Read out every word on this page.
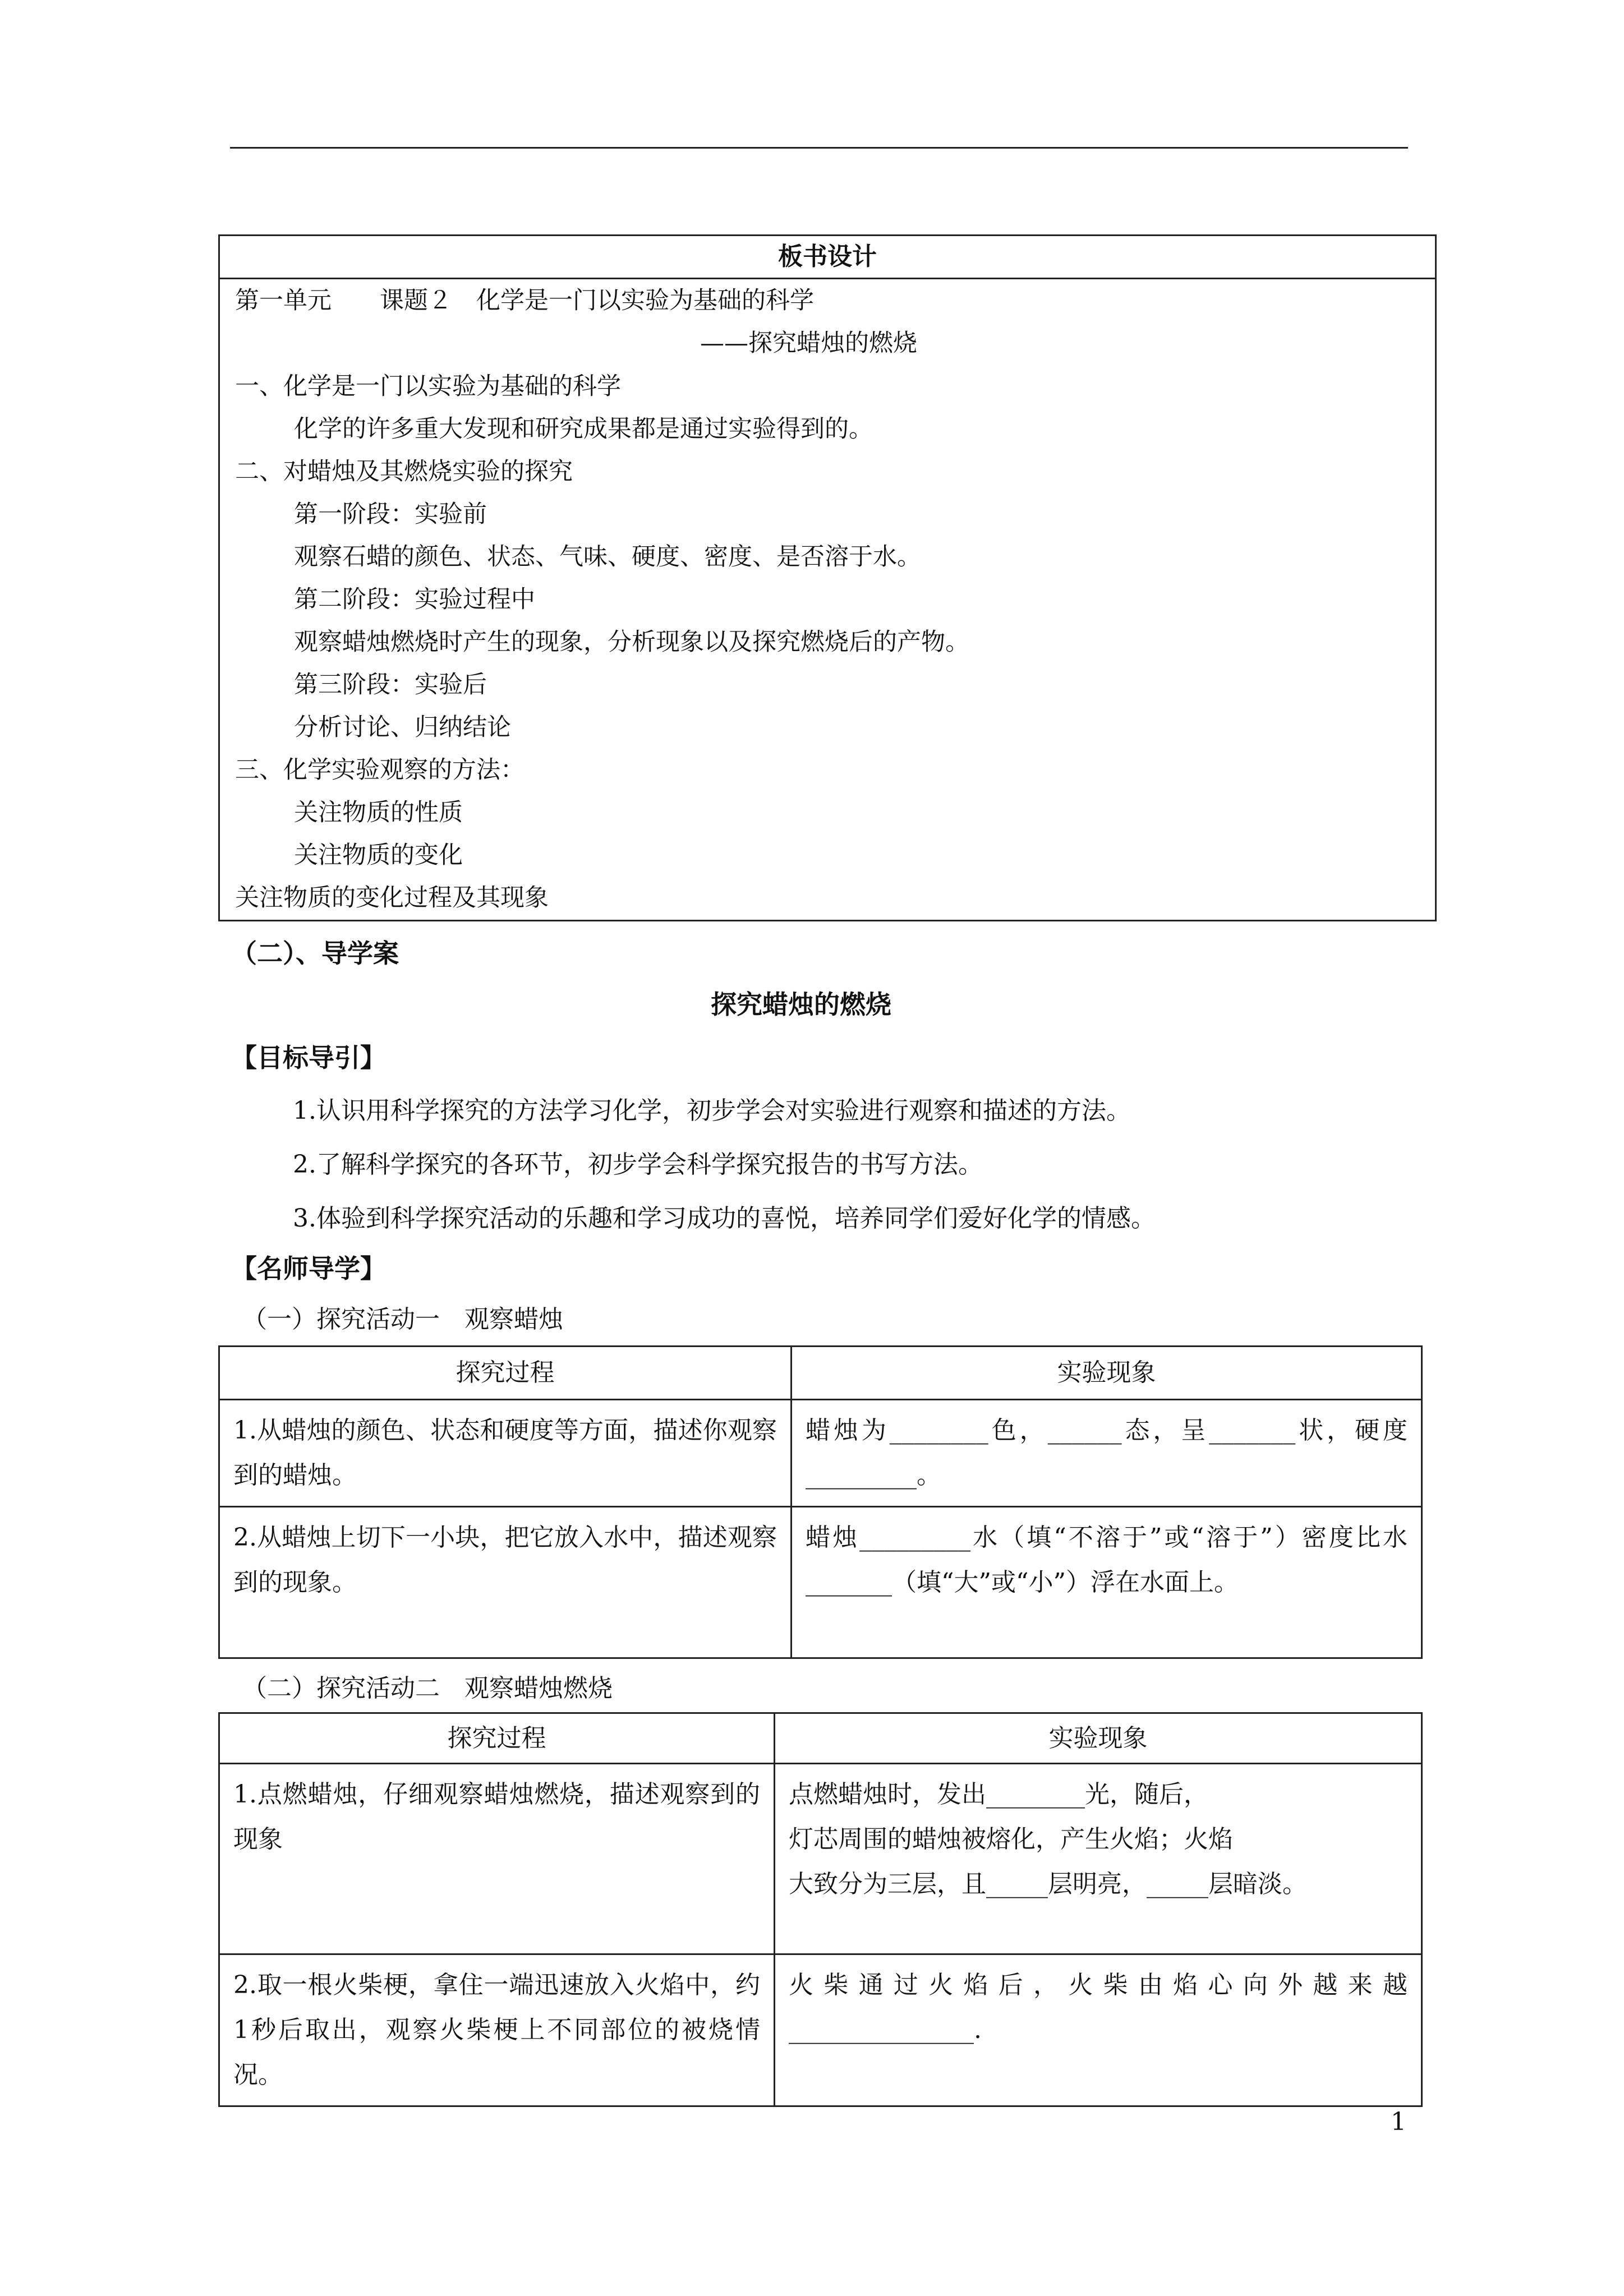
板书设计
第一单元　　课题２　化学是一门以实验为基础的科学
——探究蜡烛的燃烧
一、化学是一门以实验为基础的科学
化学的许多重大发现和研究成果都是通过实验得到的。
二、对蜡烛及其燃烧实验的探究
第一阶段：实验前
观察石蜡的颜色、状态、气味、硬度、密度、是否溶于水。
第二阶段：实验过程中
观察蜡烛燃烧时产生的现象，分析现象以及探究燃烧后的产物。
第三阶段：实验后
分析讨论、归纳结论
三、化学实验观察的方法：
关注物质的性质
关注物质的变化
关注物质的变化过程及其现象
（二）、导学案
探究蜡烛的燃烧
【目标导引】
1.认识用科学探究的方法学习化学，初步学会对实验进行观察和描述的方法。
2.了解科学探究的各环节，初步学会科学探究报告的书写方法。
3.体验到科学探究活动的乐趣和学习成功的喜悦，培养同学们爱好化学的情感。
【名师导学】
（一）探究活动一　观察蜡烛
探究过程	实验现象
1.从蜡烛的颜色、状态和硬度等方面，描述你观察到的蜡烛。	蜡烛为________色，______态，呈_______状，硬度_________。
2.从蜡烛上切下一小块，把它放入水中，描述观察到的现象。	蜡烛_________水（填“不溶于”或“溶于”）密度比水_______（填“大”或“小”）浮在水面上。
（二）探究活动二　观察蜡烛燃烧
探究过程	实验现象
1.点燃蜡烛，仔细观察蜡烛燃烧，描述观察到的现象	点燃蜡烛时，发出________光，随后，
灯芯周围的蜡烛被熔化，产生火焰；火焰
大致分为三层，且_____层明亮，_____层暗淡。

2.取一根火柴梗，拿住一端迅速放入火焰中，约1秒后取出，观察火柴梗上不同部位的被烧情况。	火柴通过火焰后，火柴由焰心向外越来越_______________.
1
